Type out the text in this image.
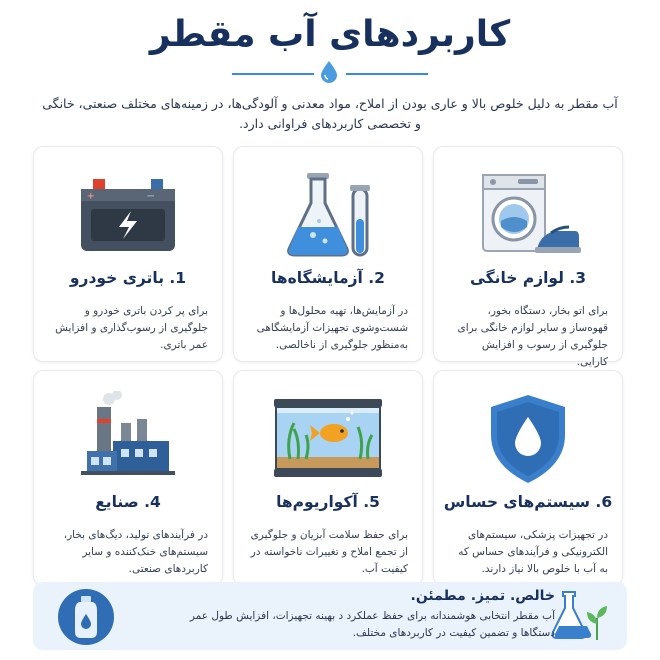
کاربردهای آب مقطر
آب مقطر به دلیل خلوص بالا و عاری بودن از املاح، مواد معدنی و آلودگی‌ها، در زمینه‌های مختلف صنعتی، خانگی و تخصصی کاربردهای فراوانی دارد.
3. لوازم خانگی
برای اتو بخار، دستگاه بخور، قهوه‌ساز و سایر لوازم خانگی برای جلوگیری از رسوب و افزایش کارایی.
2. آزمایشگاه‌ها
در آزمایش‌ها، تهیه محلول‌ها و شست‌وشوی تجهیزات آزمایشگاهی به‌منظور جلوگیری از ناخالصی.
+	−
1. باتری خودرو
برای پر کردن باتری خودرو و جلوگیری از رسوب‌گذاری و افزایش عمر باتری.
6. سیستم‌های حساس
در تجهیزات پزشکی، سیستم‌های الکترونیکی و فرآیندهای حساس که به آب با خلوص بالا نیاز دارند.
5. آکواریوم‌ها
برای حفظ سلامت آبزیان و جلوگیری از تجمع املاح و تغییرات ناخواسته در کیفیت آب.
4. صنایع
در فرآیندهای تولید، دیگ‌های بخار، سیستم‌های خنک‌کننده و سایر کاربردهای صنعتی.
خالص. تمیز. مطمئن.
آب مقطر انتخابی هوشمندانه برای حفظ عملکرد د بهینه تجهیزات، افزایش طول عمر دستگاها و تضمین کیفیت در کاربردهای مختلف.
